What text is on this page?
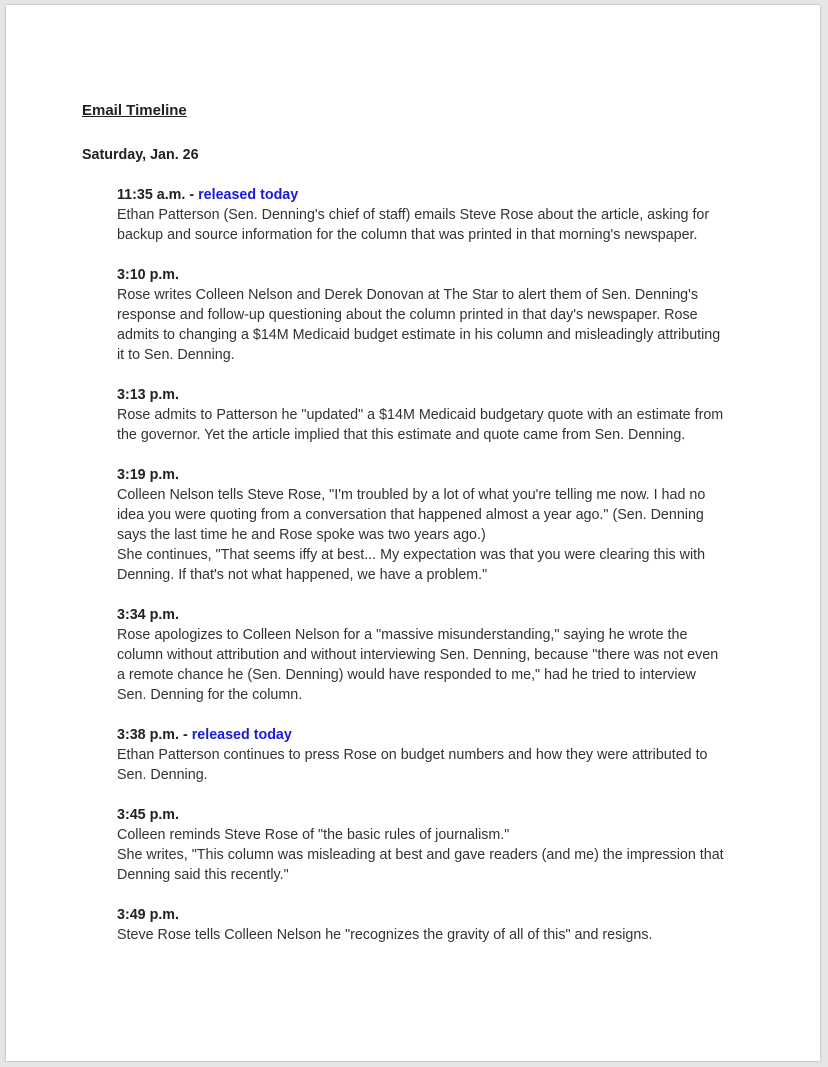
Email Timeline
Saturday, Jan. 26
11:35 a.m. - released today
Ethan Patterson (Sen. Denning's chief of staff) emails Steve Rose about the article, asking for
backup and source information for the column that was printed in that morning's newspaper.
3:10 p.m.
Rose writes Colleen Nelson and Derek Donovan at The Star to alert them of Sen. Denning's
response and follow-up questioning about the column printed in that day's newspaper. Rose
admits to changing a $14M Medicaid budget estimate in his column and misleadingly attributing
it to Sen. Denning.
3:13 p.m.
Rose admits to Patterson he "updated" a $14M Medicaid budgetary quote with an estimate from
the governor. Yet the article implied that this estimate and quote came from Sen. Denning.
3:19 p.m.
Colleen Nelson tells Steve Rose, "I'm troubled by a lot of what you're telling me now. I had no
idea you were quoting from a conversation that happened almost a year ago." (Sen. Denning
says the last time he and Rose spoke was two years ago.)
She continues, "That seems iffy at best... My expectation was that you were clearing this with
Denning. If that's not what happened, we have a problem."
3:34 p.m.
Rose apologizes to Colleen Nelson for a "massive misunderstanding," saying he wrote the
column without attribution and without interviewing Sen. Denning, because "there was not even
a remote chance he (Sen. Denning) would have responded to me," had he tried to interview
Sen. Denning for the column.
3:38 p.m. - released today
Ethan Patterson continues to press Rose on budget numbers and how they were attributed to
Sen. Denning.
3:45 p.m.
Colleen reminds Steve Rose of "the basic rules of journalism."
She writes, "This column was misleading at best and gave readers (and me) the impression that
Denning said this recently."
3:49 p.m.
Steve Rose tells Colleen Nelson he "recognizes the gravity of all of this" and resigns.
